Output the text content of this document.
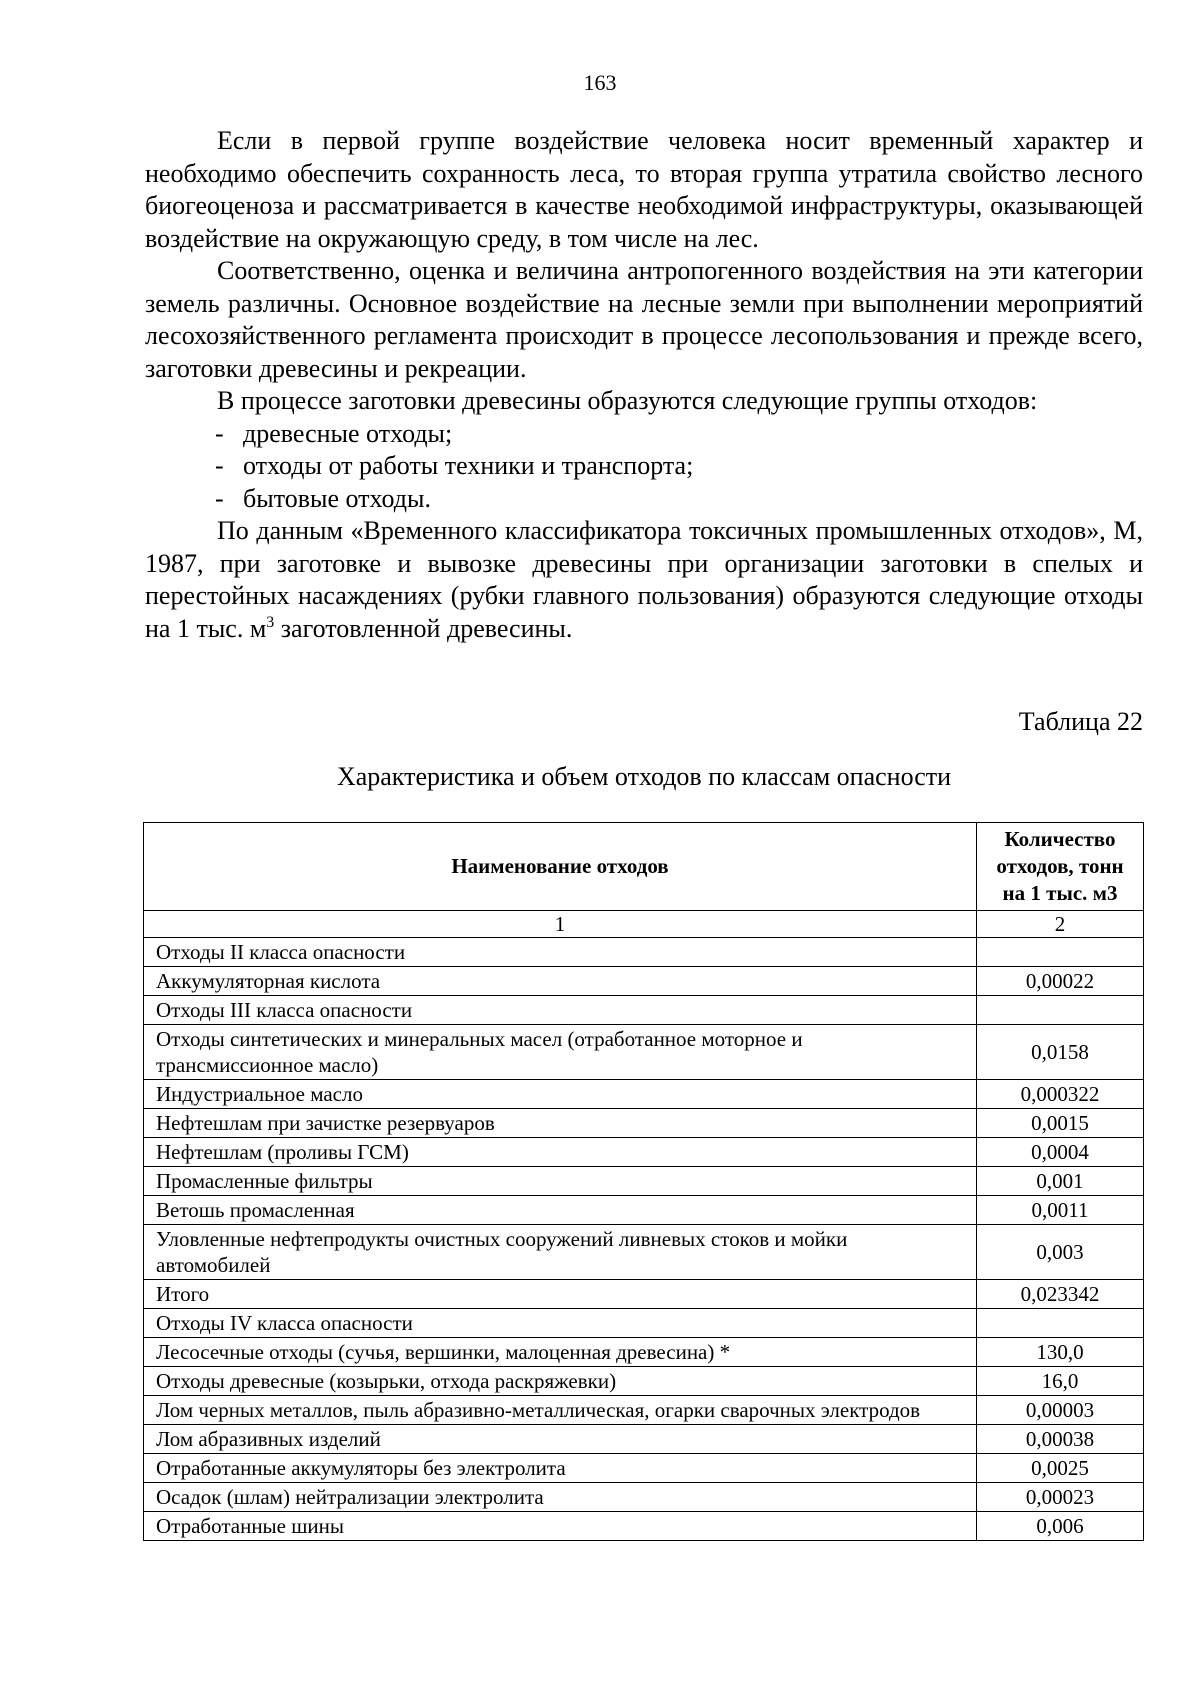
163

Если в первой группе воздействие человека носит временный характер и необходимо обеспечить сохранность леса, то вторая группа утратила свойство лесного биогеоценоза и рассматривается в качестве необходимой инфраструктуры, оказывающей воздействие на окружающую среду, в том числе на лес.

Соответственно, оценка и величина антропогенного воздействия на эти категории земель различны. Основное воздействие на лесные земли при выполнении мероприятий лесохозяйственного регламента происходит в процессе лесопользования и прежде всего, заготовки древесины и рекреации.

В процессе заготовки древесины образуются следующие группы отходов:

- древесные отходы;

- отходы от работы техники и транспорта;

- бытовые отходы.

По данным «Временного классификатора токсичных промышленных отходов», М, 1987, при заготовке и вывозке древесины при организации заготовки в спелых и перестойных насаждениях (рубки главного пользования) образуются следующие отходы на 1 тыс. $м^3$ заготовленной древесины.

Таблица 22
Характеристика и объем отходов по классам опасности
Наименование отходов	Количество
отходов, тонн
на 1 тыс. м3

1	2
Отходы II класса опасности	
Аккумуляторная кислота	0,00022
Отходы III класса опасности	
Отходы синтетических и минеральных масел (отработанное моторное и трансмиссионное масло)	0,0158
Индустриальное масло	0,000322
Нефтешлам при зачистке резервуаров	0,0015
Нефтешлам (проливы ГСМ)	0,0004
Промасленные фильтры	0,001
Ветошь промасленная	0,0011
Уловленные нефтепродукты очистных сооружений ливневых стоков и мойки автомобилей	0,003
Итого	0,023342
Отходы IV класса опасности	
Лесосечные отходы (сучья, вершинки, малоценная древесина) *	130,0
Отходы древесные (козырьки, отхода раскряжевки)	16,0
Лом черных металлов, пыль абразивно-металлическая, огарки сварочных электродов	0,00003
Лом абразивных изделий	0,00038
Отработанные аккумуляторы без электролита	0,0025
Осадок (шлам) нейтрализации электролита	0,00023
Отработанные шины	0,006
